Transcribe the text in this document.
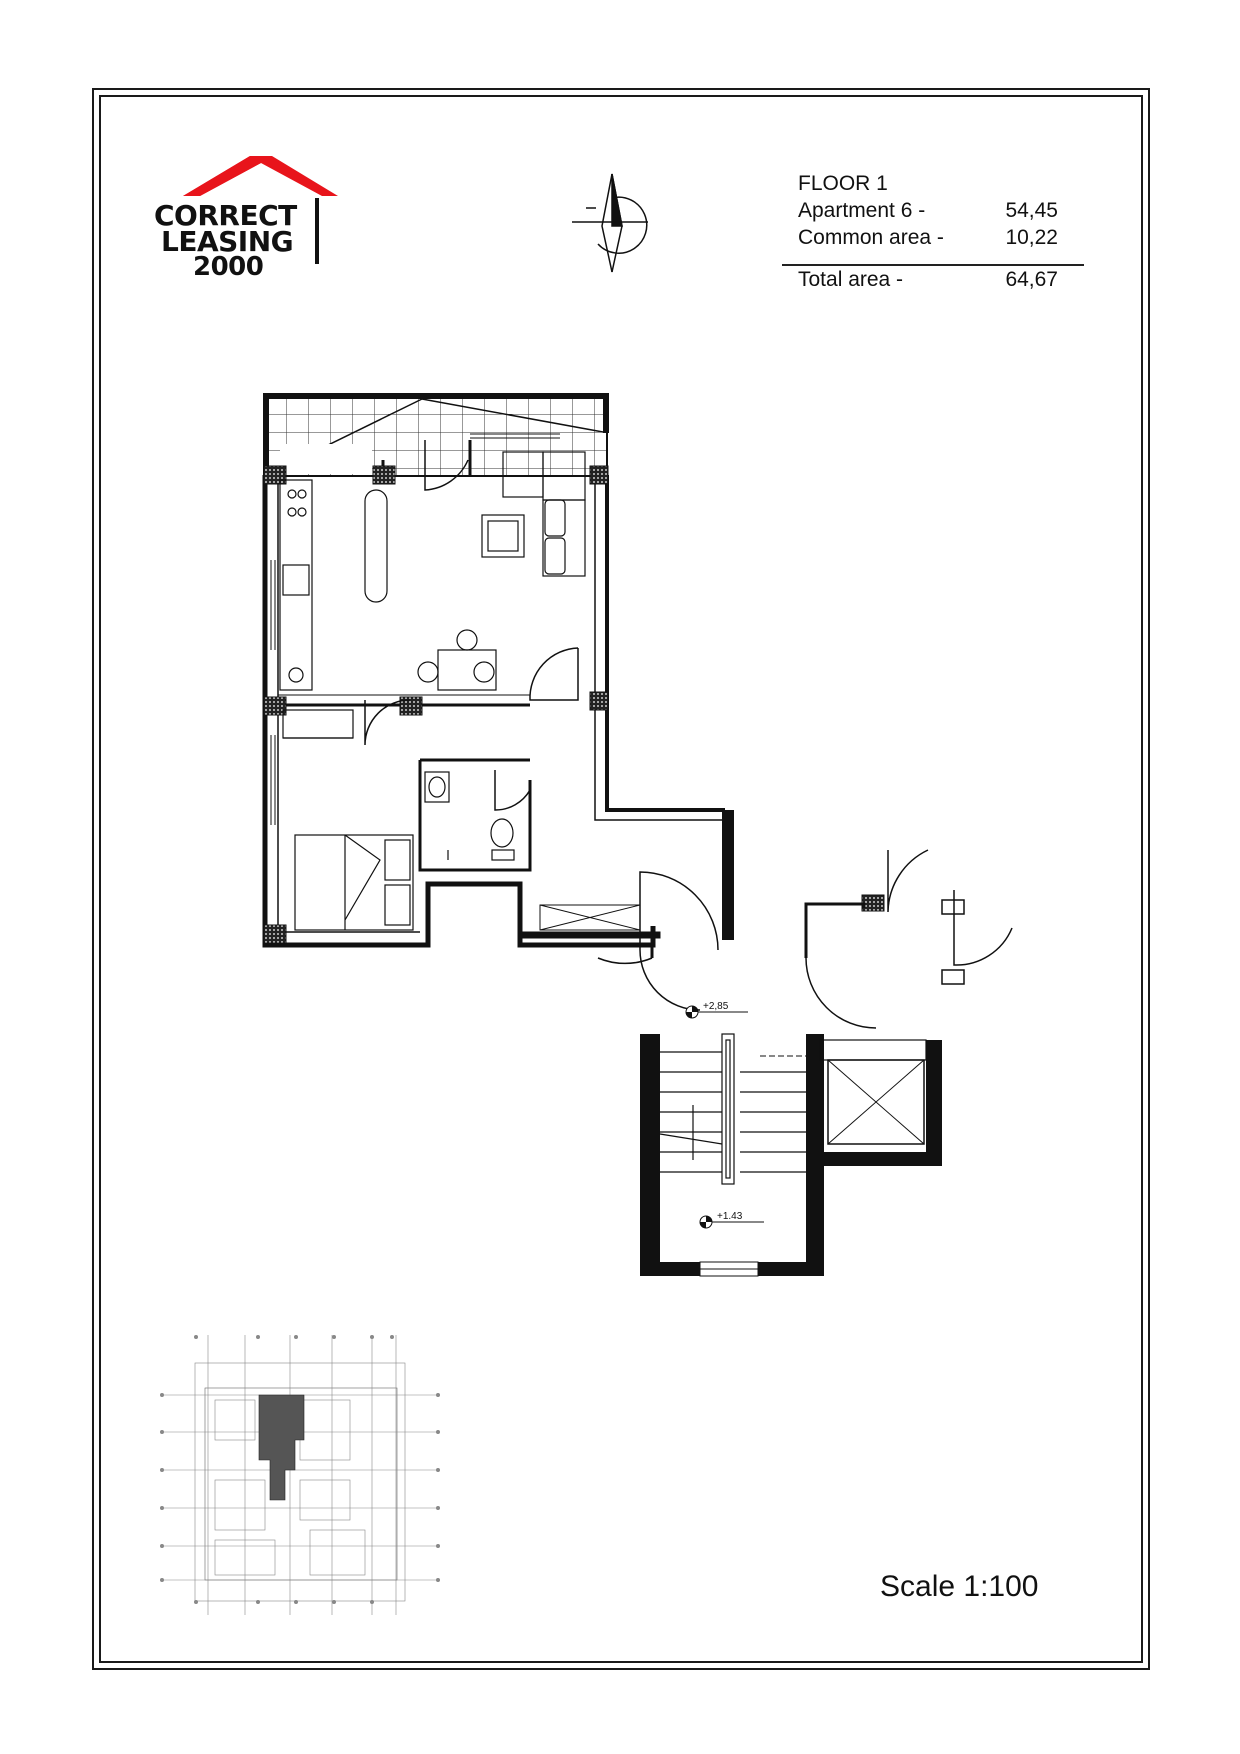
CORRECT
LEASING
2000
FLOOR 1
Apartment 6 -	54,45
Common area -	10,22
Total area -	64,67
+2,85
+1.43
Scale 1:100
